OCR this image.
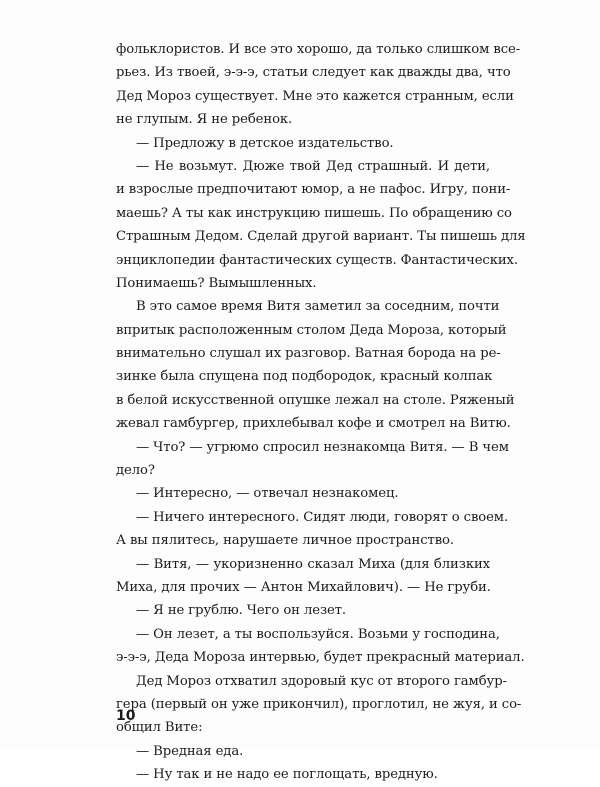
фольклористов. И все это хорошо, да только слишком все-
рьез. Из твоей, э-э-э, статьи следует как дважды два, что
Дед Мороз существует. Мне это кажется странным, если
не глупым. Я не ребенок.
— Предложу в детское издательство.
— Не возьмут. Дюже твой Дед страшный. И дети,
и взрослые предпочитают юмор, а не пафос. Игру, пони-
маешь? А ты как инструкцию пишешь. По обращению со
Страшным Дедом. Сделай другой вариант. Ты пишешь для
энциклопедии фантастических существ. Фантастических.
Понимаешь? Вымышленных.
В это самое время Витя заметил за соседним, почти
впритык расположенным столом Деда Мороза, который
внимательно слушал их разговор. Ватная борода на ре-
зинке была спущена под подбородок, красный колпак
в белой искусственной опушке лежал на столе. Ряженый
жевал гамбургер, прихлебывал кофе и смотрел на Витю.
— Что? — угрюмо спросил незнакомца Витя. — В чем
дело?
— Интересно, — отвечал незнакомец.
— Ничего интересного. Сидят люди, говорят о своем.
А вы пялитесь, нарушаете личное пространство.
— Витя, — укоризненно сказал Миха (для близких
Миха, для прочих — Антон Михайлович). — Не груби.
— Я не грублю. Чего он лезет.
— Он лезет, а ты воспользуйся. Возьми у господина,
э-э-э, Деда Мороза интервью, будет прекрасный материал.
Дед Мороз отхватил здоровый кус от второго гамбур-
гера (первый он уже прикончил), проглотил, не жуя, и со-
общил Вите:
— Вредная еда.
— Ну так и не надо ее поглощать, вредную.
10
